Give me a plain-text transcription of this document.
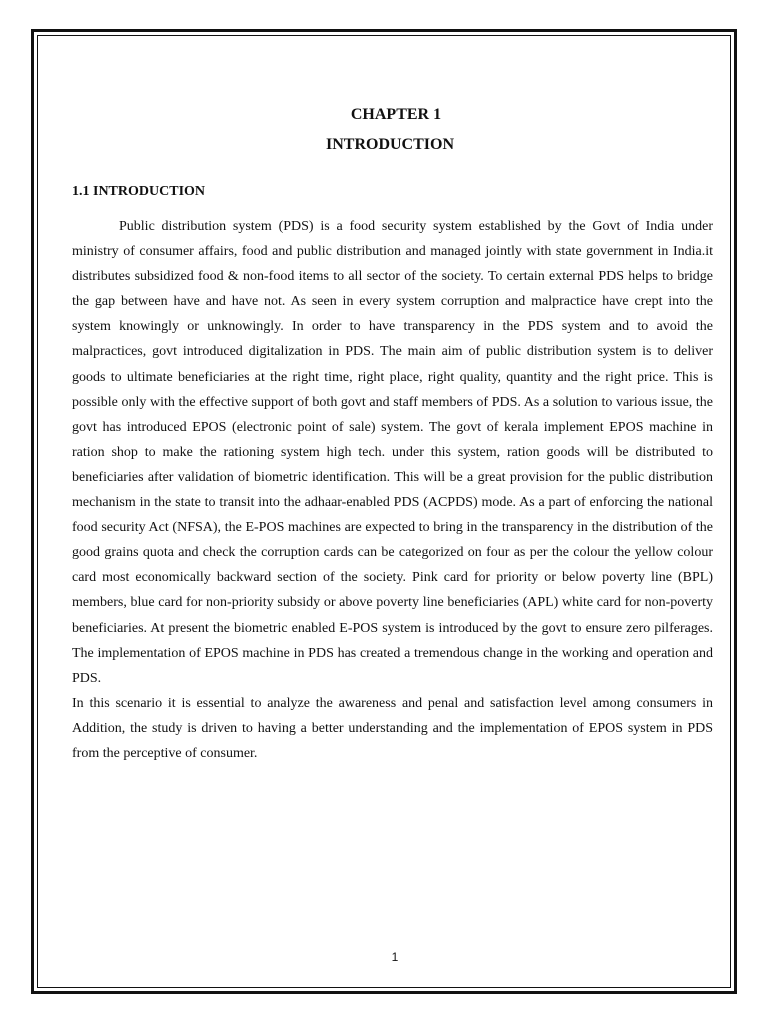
CHAPTER 1
INTRODUCTION
1.1 INTRODUCTION

Public distribution system (PDS) is a food security system established by the Govt of India under ministry of consumer affairs, food and public distribution and managed jointly with state government in India.it distributes subsidized food & non-food items to all sector of the society. To certain external PDS helps to bridge the gap between have and have not. As seen in every system corruption and malpractice have crept into the system knowingly or unknowingly. In order to have transparency in the PDS system and to avoid the malpractices, govt introduced digitalization in PDS. The main aim of public distribution system is to deliver goods to ultimate beneficiaries at the right time, right place, right quality, quantity and the right price. This is possible only with the effective support of both govt and staff members of PDS. As a solution to various issue, the govt has introduced EPOS (electronic point of sale) system. The govt of kerala implement EPOS machine in ration shop to make the rationing system high tech. under this system, ration goods will be distributed to beneficiaries after validation of biometric identification. This will be a great provision for the public distribution mechanism in the state to transit into the adhaar-enabled PDS (ACPDS) mode. As a part of enforcing the national food security Act (NFSA), the E-POS machines are expected to bring in the transparency in the distribution of the good grains quota and check the corruption cards can be categorized on four as per the colour the yellow colour card most economically backward section of the society. Pink card for priority or below poverty line (BPL) members, blue card for non-priority subsidy or above poverty line beneficiaries (APL) white card for non-poverty beneficiaries. At present the biometric enabled E-POS system is introduced by the govt to ensure zero pilferages. The implementation of EPOS machine in PDS has created a tremendous change in the working and operation and PDS.

In this scenario it is essential to analyze the awareness and penal and satisfaction level among consumers in Addition, the study is driven to having a better understanding and the implementation of EPOS system in PDS from the perceptive of consumer.

1
